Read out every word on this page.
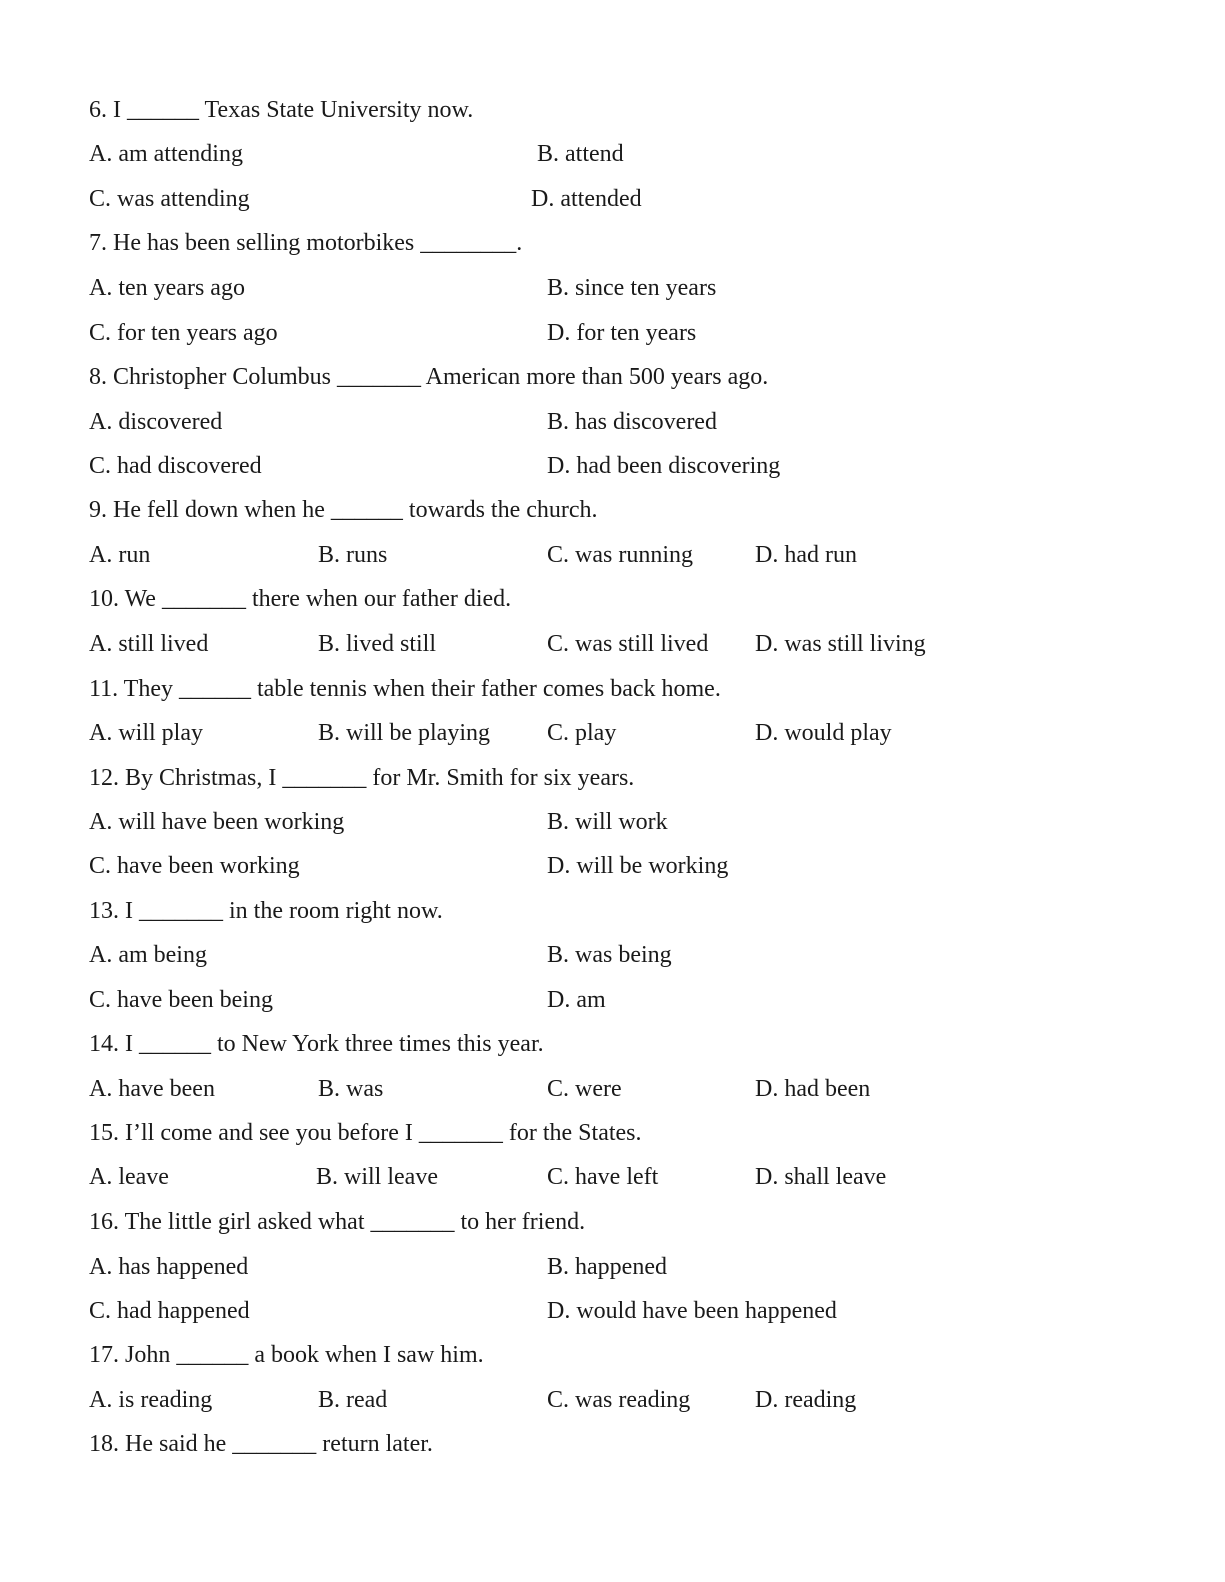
6. I ______ Texas State University now.
A. am attending	B. attend
C. was attending	D. attended
7. He has been selling motorbikes ________.
A. ten years ago	B. since ten years
C. for ten years ago	D. for ten years
8. Christopher Columbus _______ American more than 500 years ago.
A. discovered	B. has discovered
C. had discovered	D. had been discovering
9. He fell down when he ______ towards the church.
A. run	B. runs	C. was running	D. had run
10. We _______ there when our father died.
A. still lived	B. lived still	C. was still lived D. was still living
11. They ______ table tennis when their father comes back home.
A. will play	B. will be playing C. play	D. would play
12. By Christmas, I _______ for Mr. Smith for six years.
A. will have been working	B. will work
C. have been working	D. will be working
13. I _______ in the room right now.
A. am being	B. was being
C. have been being	D. am
14. I ______ to New York three times this year.
A. have been	B. was	C. were	D. had been
15. I’ll come and see you before I _______ for the States.
A. leave	B. will leave	C. have left	D. shall leave
16. The little girl asked what _______ to her friend.
A. has happened	B. happened
C. had happened	D. would have been happened
17. John ______ a book when I saw him.
A. is reading	B. read	C. was reading	D. reading
18. He said he _______ return later.
